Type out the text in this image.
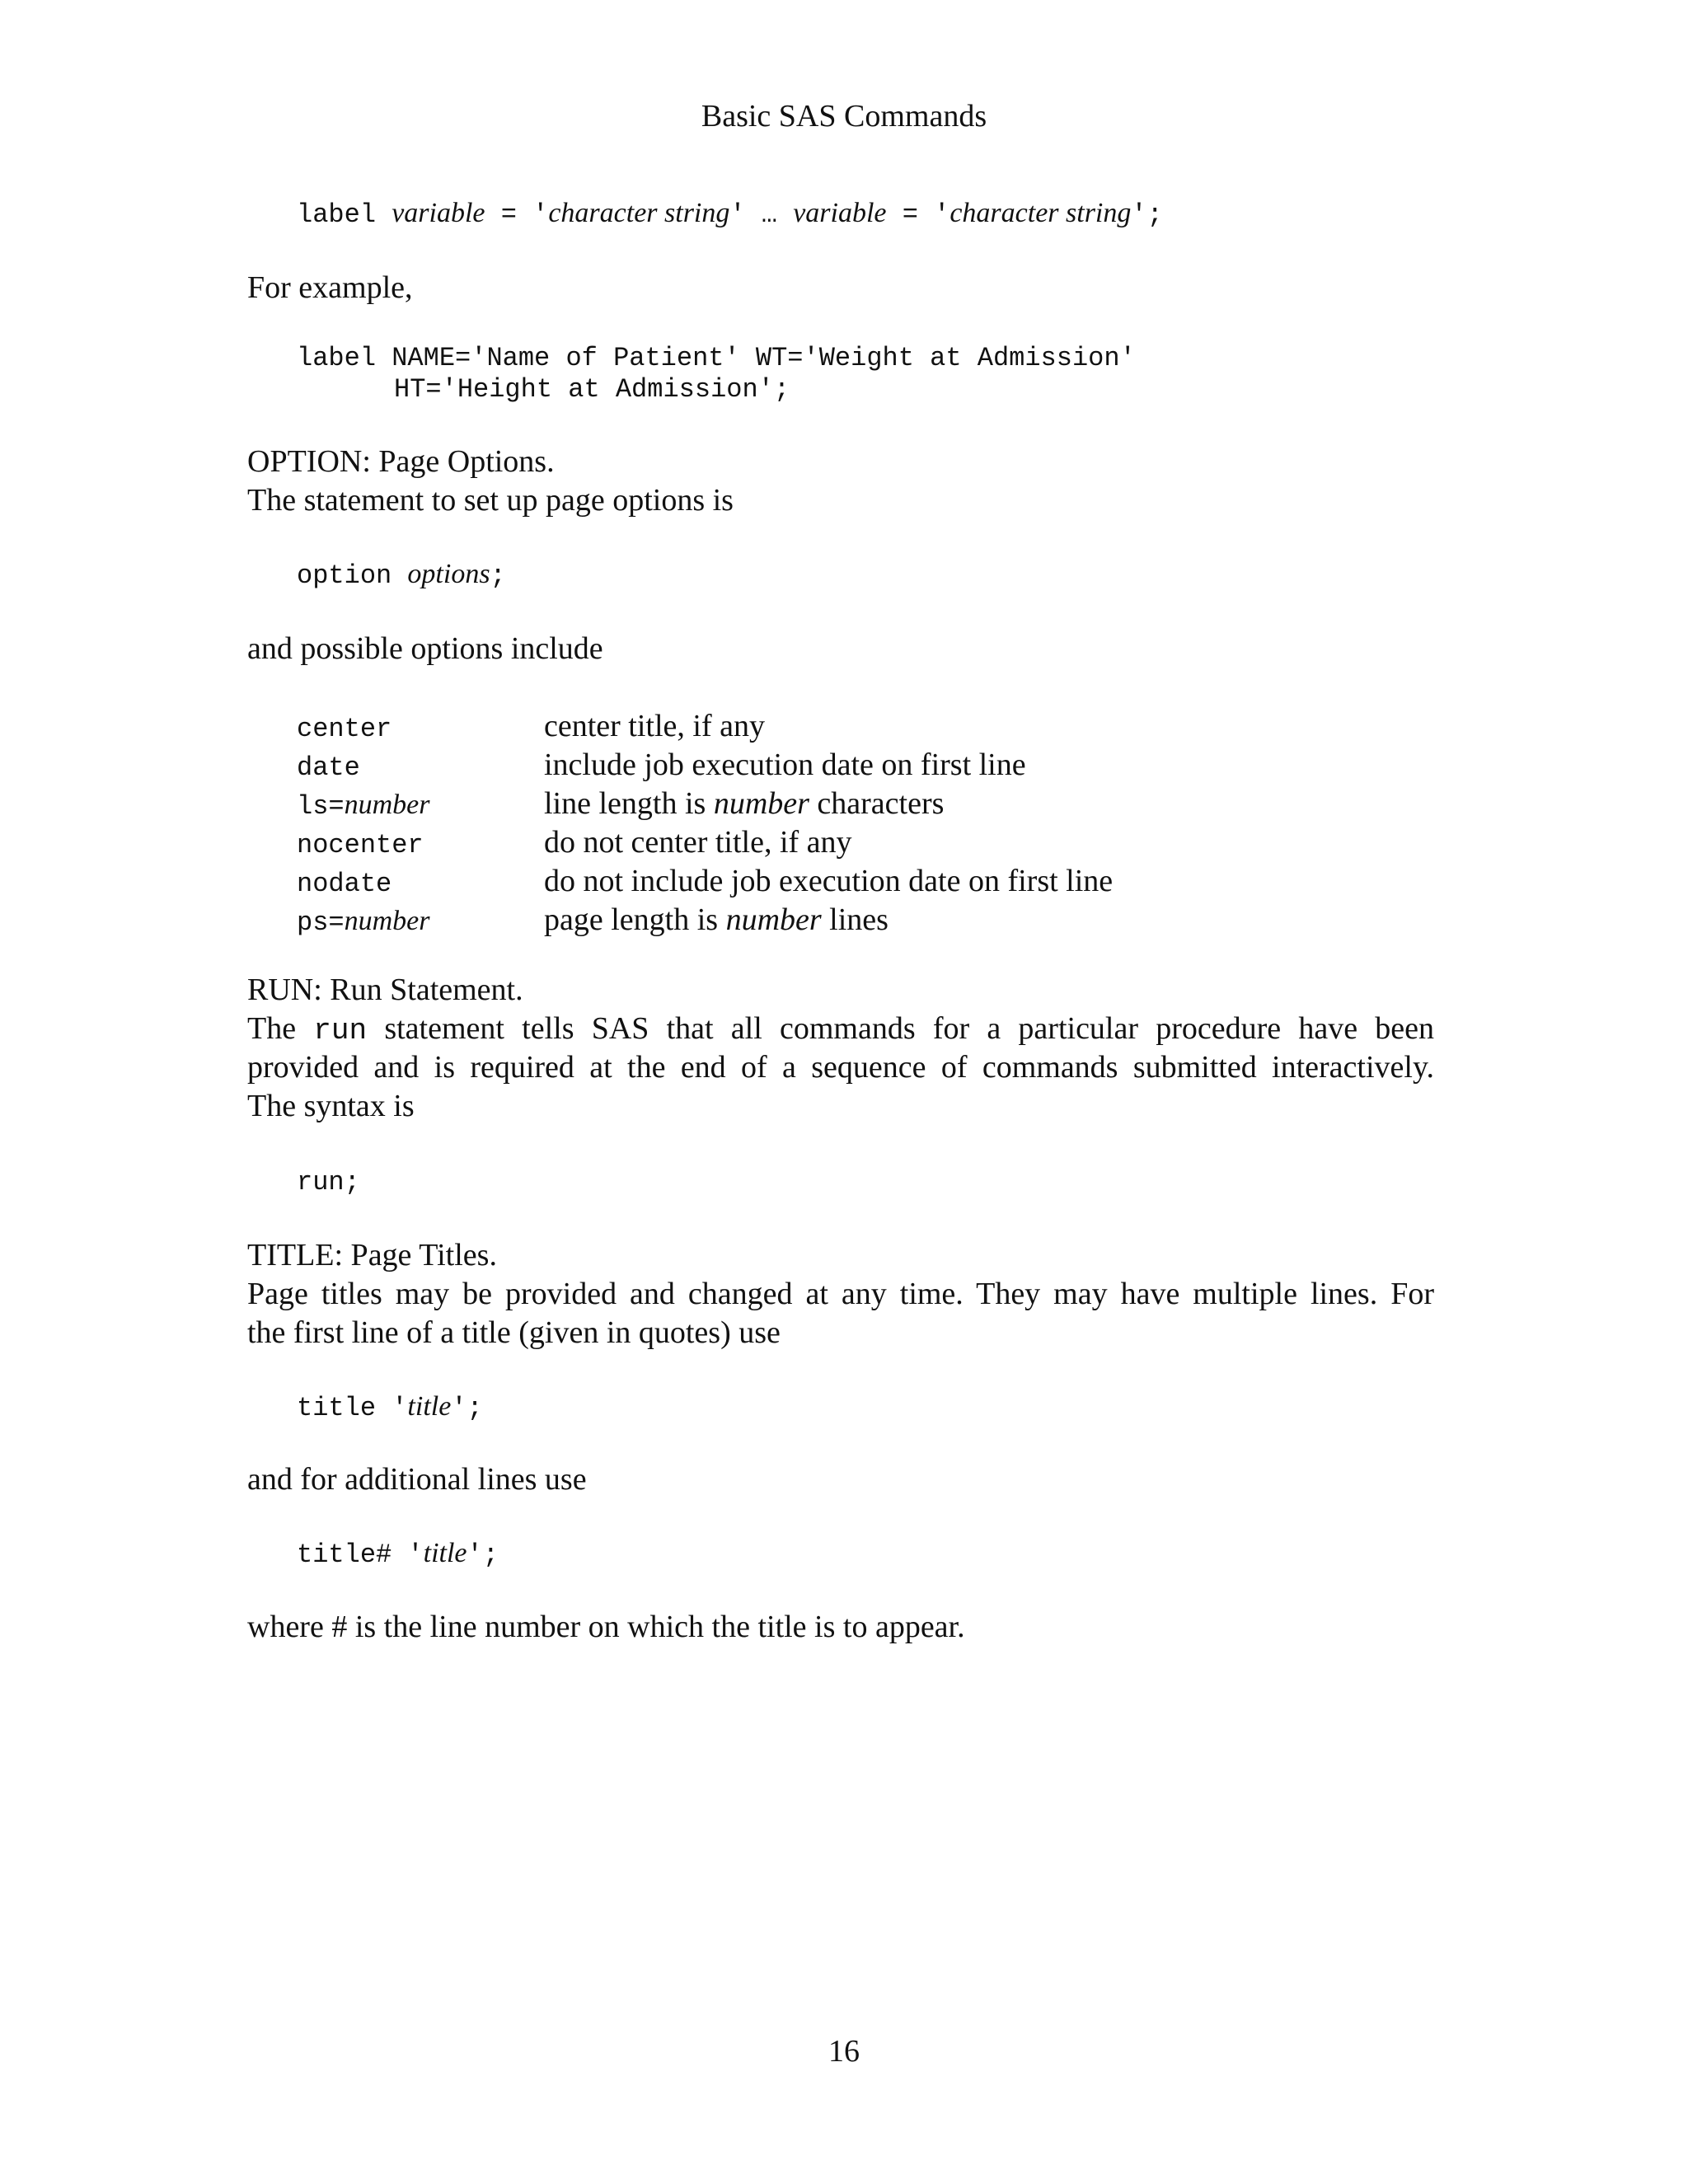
Basic SAS Commands
label variable = 'character string' … variable = 'character string';
For example,
label NAME='Name of Patient' WT='Weight at Admission'
HT='Height at Admission';
OPTION: Page Options.
The statement to set up page options is
option options;
and possible options include
center	center title, if any
date	include job execution date on first line
ls=number	line length is number characters
nocenter	do not center title, if any
nodate	do not include job execution date on first line
ps=number	page length is number lines
RUN: Run Statement.
The run statement tells SAS that all commands for a particular procedure have been
provided and is required at the end of a sequence of commands submitted interactively.
The syntax is
run;
TITLE: Page Titles.
Page titles may be provided and changed at any time. They may have multiple lines. For
the first line of a title (given in quotes) use
title 'title';
and for additional lines use
title# 'title';
where # is the line number on which the title is to appear.
16
